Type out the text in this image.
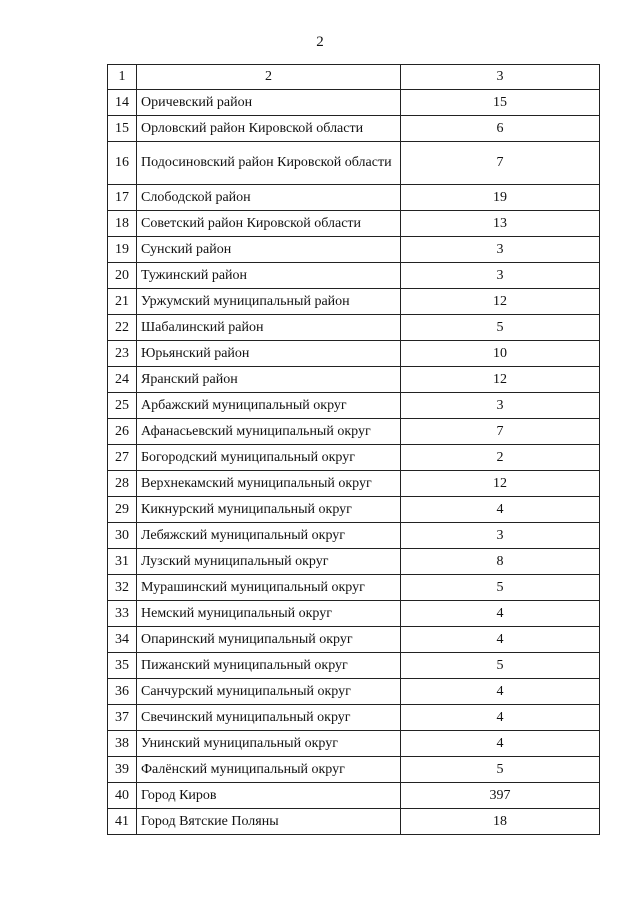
2
1	2	3
14	Оричевский район	15
15	Орловский район Кировской области	6
16	Подосиновский район Кировской области	7
17	Слободской район	19
18	Советский район Кировской области	13
19	Сунский район	3
20	Тужинский район	3
21	Уржумский муниципальный район	12
22	Шабалинский район	5
23	Юрьянский район	10
24	Яранский район	12
25	Арбажский муниципальный округ	3
26	Афанасьевский муниципальный округ	7
27	Богородский муниципальный округ	2
28	Верхнекамский муниципальный округ	12
29	Кикнурский муниципальный округ	4
30	Лебяжский муниципальный округ	3
31	Лузский муниципальный округ	8
32	Мурашинский муниципальный округ	5
33	Немский муниципальный округ	4
34	Опаринский муниципальный округ	4
35	Пижанский муниципальный округ	5
36	Санчурский муниципальный округ	4
37	Свечинский муниципальный округ	4
38	Унинский муниципальный округ	4
39	Фалёнский муниципальный округ	5
40	Город Киров	397
41	Город Вятские Поляны	18
